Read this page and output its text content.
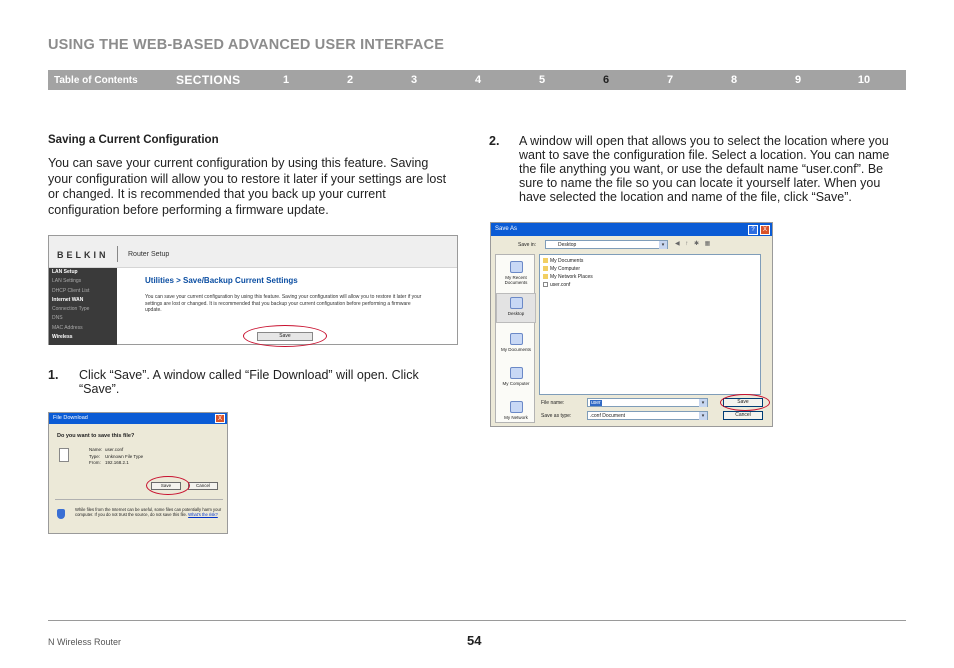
USING THE WEB-BASED ADVANCED USER INTERFACE
Table of Contents	SECTIONS	1	2	3	4	5	6	7	8	9	10
Saving a Current Configuration
You can save your current configuration by using this feature. Saving your configuration will allow you to restore it later if your settings are lost or changed. It is recommended that you back up your current configuration before performing a firmware update.
BELKIN	Router Setup
LAN Setup
LAN Settings
DHCP Client List
Internet WAN
Connection Type
DNS
MAC Address
Wireless
Utilities > Save/Backup Current Settings
You can save your current configuration by using this feature. Saving your configuration will allow you to restore it later if your settings are lost or changed. It is recommended that you backup your current configuration before performing a firmware update.
Save
1. Click “Save”. A window called “File Download” will open. Click “Save”.
File Download	X
Do you want to save this file?
Name: user.conf
Type: Unknown File Type
From: 192.168.2.1
Save	Cancel
While files from the Internet can be useful, some files can potentially harm your computer. If you do not trust the source, do not save this file. What's the risk?
2. A window will open that allows you to select the location where you want to save the configuration file. Select a location. You can name the file anything you want, or use the default name “user.conf”. Be sure to name the file so you can locate it yourself later. When you have selected the location and name of the file, click “Save”.
Save As	?	X
Save in:	Desktop	▾	◀ ↑ ✱ ▦
My Recent Documents
Desktop
My Documents
My Computer
My Network
My Documents
My Computer
My Network Places
user.conf
File name:	user	▾
Save as type:	.conf Document	▾
Save
Cancel
N Wireless Router	54
